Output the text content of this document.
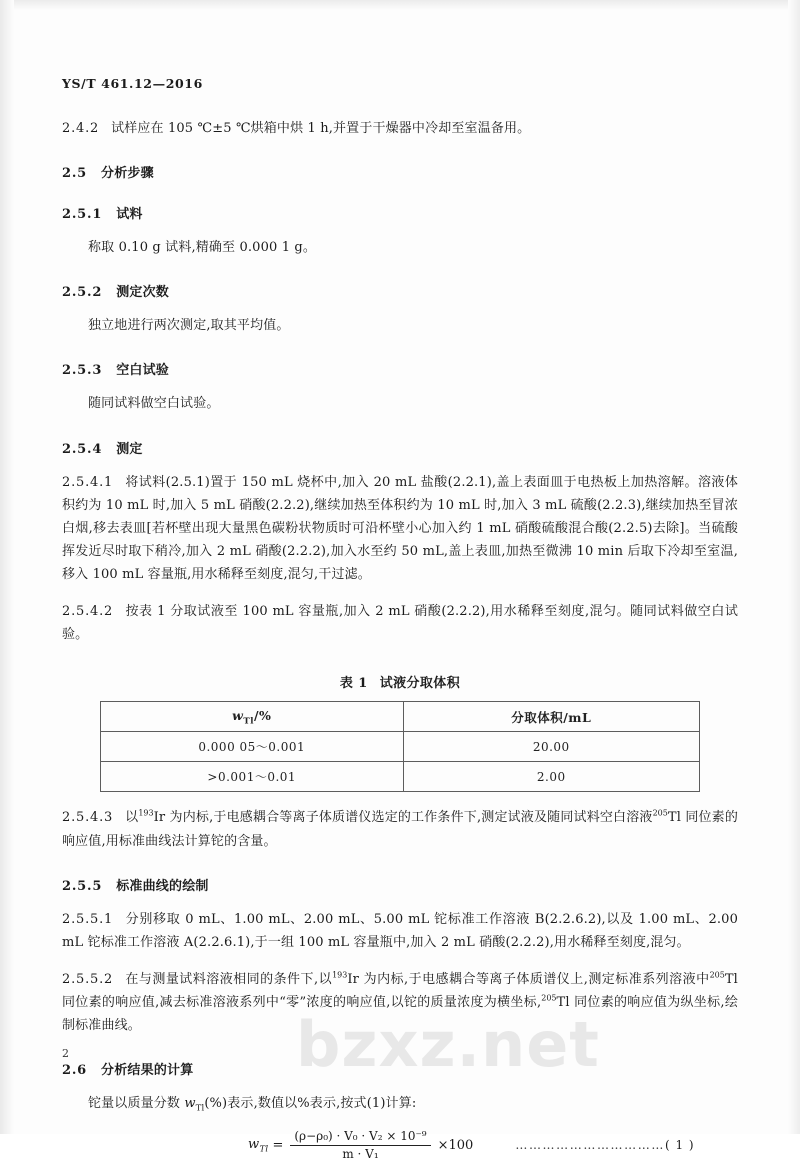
YS/T 461.12—2016

2.4.2 试样应在 105 ℃±5 ℃烘箱中烘 1 h,并置于干燥器中冷却至室温备用。

2.5 分析步骤
2.5.1 试料

称取 0.10 g 试料,精确至 0.000 1 g。

2.5.2 测定次数

独立地进行两次测定,取其平均值。

2.5.3 空白试验

随同试料做空白试验。

2.5.4 测定

2.5.4.1 将试料(2.5.1)置于 150 mL 烧杯中,加入 20 mL 盐酸(2.2.1),盖上表面皿于电热板上加热溶解。溶液体积约为 10 mL 时,加入 5 mL 硝酸(2.2.2),继续加热至体积约为 10 mL 时,加入 3 mL 硫酸(2.2.3),继续加热至冒浓白烟,移去表皿[若杯壁出现大量黑色碳粉状物质时可沿杯壁小心加入约 1 mL 硝酸硫酸混合酸(2.2.5)去除]。当硫酸挥发近尽时取下稍冷,加入 2 mL 硝酸(2.2.2),加入水至约 50 mL,盖上表皿,加热至微沸 10 min 后取下冷却至室温,移入 100 mL 容量瓶,用水稀释至刻度,混匀,干过滤。

2.5.4.2 按表 1 分取试液至 100 mL 容量瓶,加入 2 mL 硝酸(2.2.2),用水稀释至刻度,混匀。随同试料做空白试验。

表 1 试液分取体积
$w_{Tl}/\%$	分取体积/mL
0.000 05～0.001	20.00
>0.001～0.01	2.00

2.5.4.3 以$^{193}$Ir 为内标,于电感耦合等离子体质谱仪选定的工作条件下,测定试液及随同试料空白溶液$^{205}$Tl 同位素的响应值,用标准曲线法计算铊的含量。

2.5.5 标准曲线的绘制

2.5.5.1 分别移取 0 mL、1.00 mL、2.00 mL、5.00 mL 铊标准工作溶液 B(2.2.6.2),以及 1.00 mL、2.00 mL 铊标准工作溶液 A(2.2.6.1),于一组 100 mL 容量瓶中,加入 2 mL 硝酸(2.2.2),用水稀释至刻度,混匀。

2.5.5.2 在与测量试料溶液相同的条件下,以$^{193}$Ir 为内标,于电感耦合等离子体质谱仪上,测定标准系列溶液中$^{205}$Tl 同位素的响应值,减去标准溶液系列中“零”浓度的响应值,以铊的质量浓度为横坐标,$^{205}$Tl 同位素的响应值为纵坐标,绘制标准曲线。

2.6 分析结果的计算

铊量以质量分数 $w_{Tl}(\%)$表示,数值以%表示,按式(1)计算:

$w_{Tl} = \frac{\text{(ρ−ρ₀) · V₀ · V₂ × 10⁻⁹}}{\text{m · V₁}} \times 100$	…………………………… ( 1 )
bzxz.net
2
